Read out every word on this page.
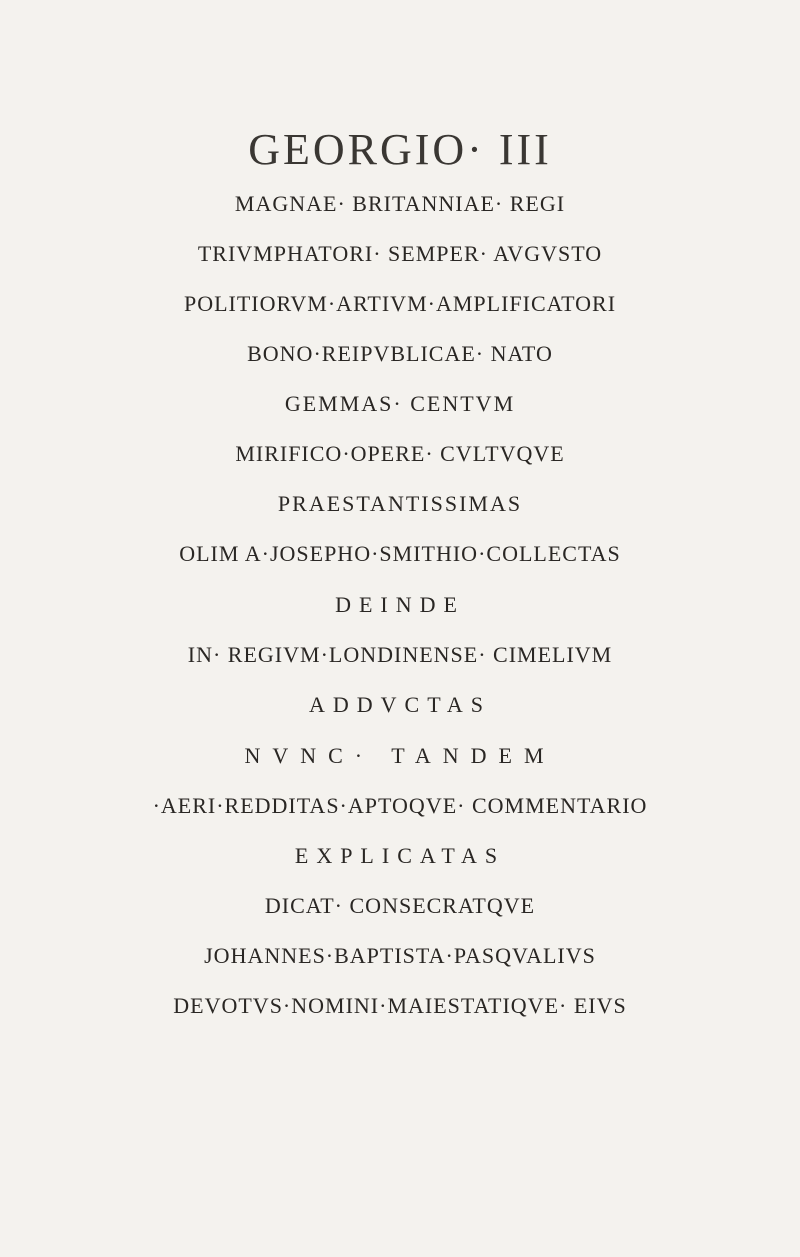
GEORGIO· III
MAGNAE· BRITANNIAE· REGI
TRIVMPHATORI· SEMPER· AVGVSTO
POLITIORVM·ARTIVM·AMPLIFICATORI
BONO·REIPVBLICAE· NATO
GEMMAS· CENTVM
MIRIFICO·OPERE· CVLTVQVE
PRAESTANTISSIMAS
OLIM A·JOSEPHO·SMITHIO·COLLECTAS
DEINDE
IN· REGIVM·LONDINENSE· CIMELIVM
ADDVCTAS
NVNC· TANDEM
·AERI·REDDITAS·APTOQVE· COMMENTARIO
EXPLICATAS
DICAT· CONSECRATQVE
JOHANNES·BAPTISTA·PASQVALIVS
DEVOTVS·NOMINI·MAIESTATIQVE· EIVS
